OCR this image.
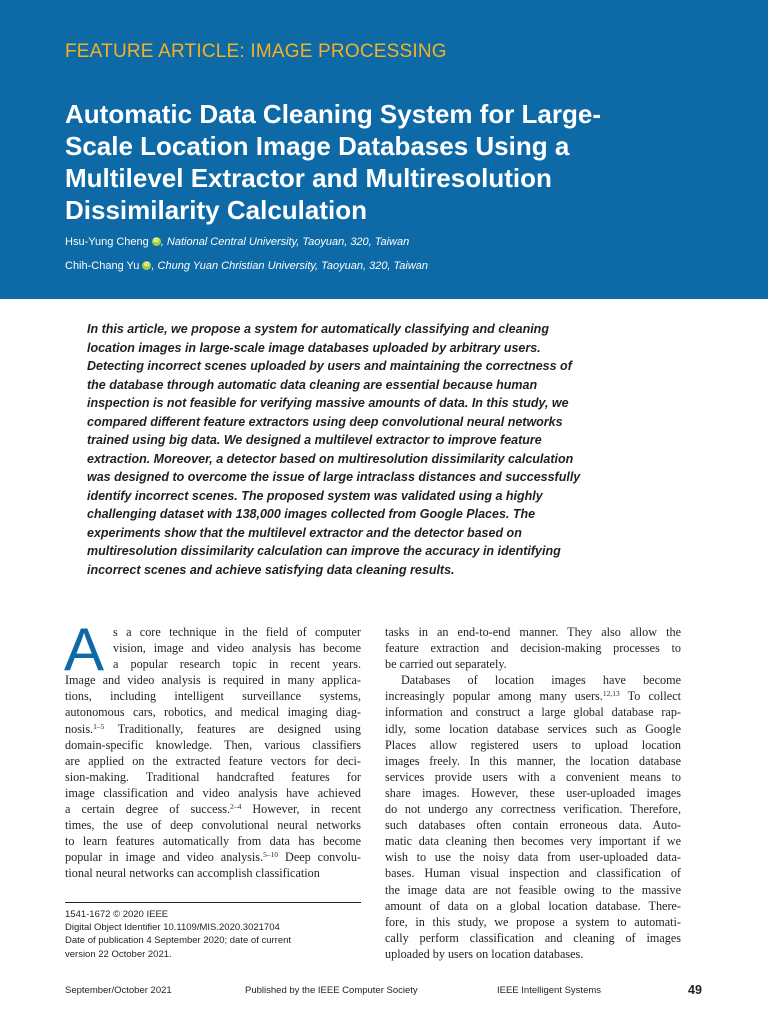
FEATURE ARTICLE: IMAGE PROCESSING
Automatic Data Cleaning System for Large-
Scale Location Image Databases Using a
Multilevel Extractor and Multiresolution
Dissimilarity Calculation
Hsu-Yung Cheng iD , National Central University, Taoyuan, 320, Taiwan
Chih-Chang Yu iD , Chung Yuan Christian University, Taoyuan, 320, Taiwan

In this article, we propose a system for automatically classifying and cleaning
location images in large-scale image databases uploaded by arbitrary users.
Detecting incorrect scenes uploaded by users and maintaining the correctness of
the database through automatic data cleaning are essential because human
inspection is not feasible for verifying massive amounts of data. In this study, we
compared different feature extractors using deep convolutional neural networks
trained using big data. We designed a multilevel extractor to improve feature
extraction. Moreover, a detector based on multiresolution dissimilarity calculation
was designed to overcome the issue of large intraclass distances and successfully
identify incorrect scenes. The proposed system was validated using a highly
challenging dataset with 138,000 images collected from Google Places. The
experiments show that the multilevel extractor and the detector based on
multiresolution dissimilarity calculation can improve the accuracy in identifying
incorrect scenes and achieve satisfying data cleaning results.

A s a core technique in the field of computer
vision, image and video analysis has become
a popular research topic in recent years.
Image and video analysis is required in many applica-
tions, including intelligent surveillance systems,
autonomous cars, robotics, and medical imaging diag-
nosis.$^{1-5}$ Traditionally, features are designed using
domain-specific knowledge. Then, various classifiers
are applied on the extracted feature vectors for deci-
sion-making. Traditional handcrafted features for
image classification and video analysis have achieved
a certain degree of success.$^{2-4}$ However, in recent
times, the use of deep convolutional neural networks
to learn features automatically from data has become
popular in image and video analysis.$^{5-10}$ Deep convolu-
tional neural networks can accomplish classification
tasks in an end-to-end manner. They also allow the
feature extraction and decision-making processes to
be carried out separately.
Databases of location images have become
increasingly popular among many users.$^{12,13}$ To collect
information and construct a large global database rap-
idly, some location database services such as Google
Places allow registered users to upload location
images freely. In this manner, the location database
services provide users with a convenient means to
share images. However, these user-uploaded images
do not undergo any correctness verification. Therefore,
such databases often contain erroneous data. Auto-
matic data cleaning then becomes very important if we
wish to use the noisy data from user-uploaded data-
bases. Human visual inspection and classification of
the image data are not feasible owing to the massive
amount of data on a global location database. There-
fore, in this study, we propose a system to automati-
cally perform classification and cleaning of images
uploaded by users on location databases.
1541-1672 © 2020 IEEE
Digital Object Identifier 10.1109/MIS.2020.3021704
Date of publication 4 September 2020; date of current
version 22 October 2021.
September/October 2021	Published by the IEEE Computer Society	IEEE Intelligent Systems	49
